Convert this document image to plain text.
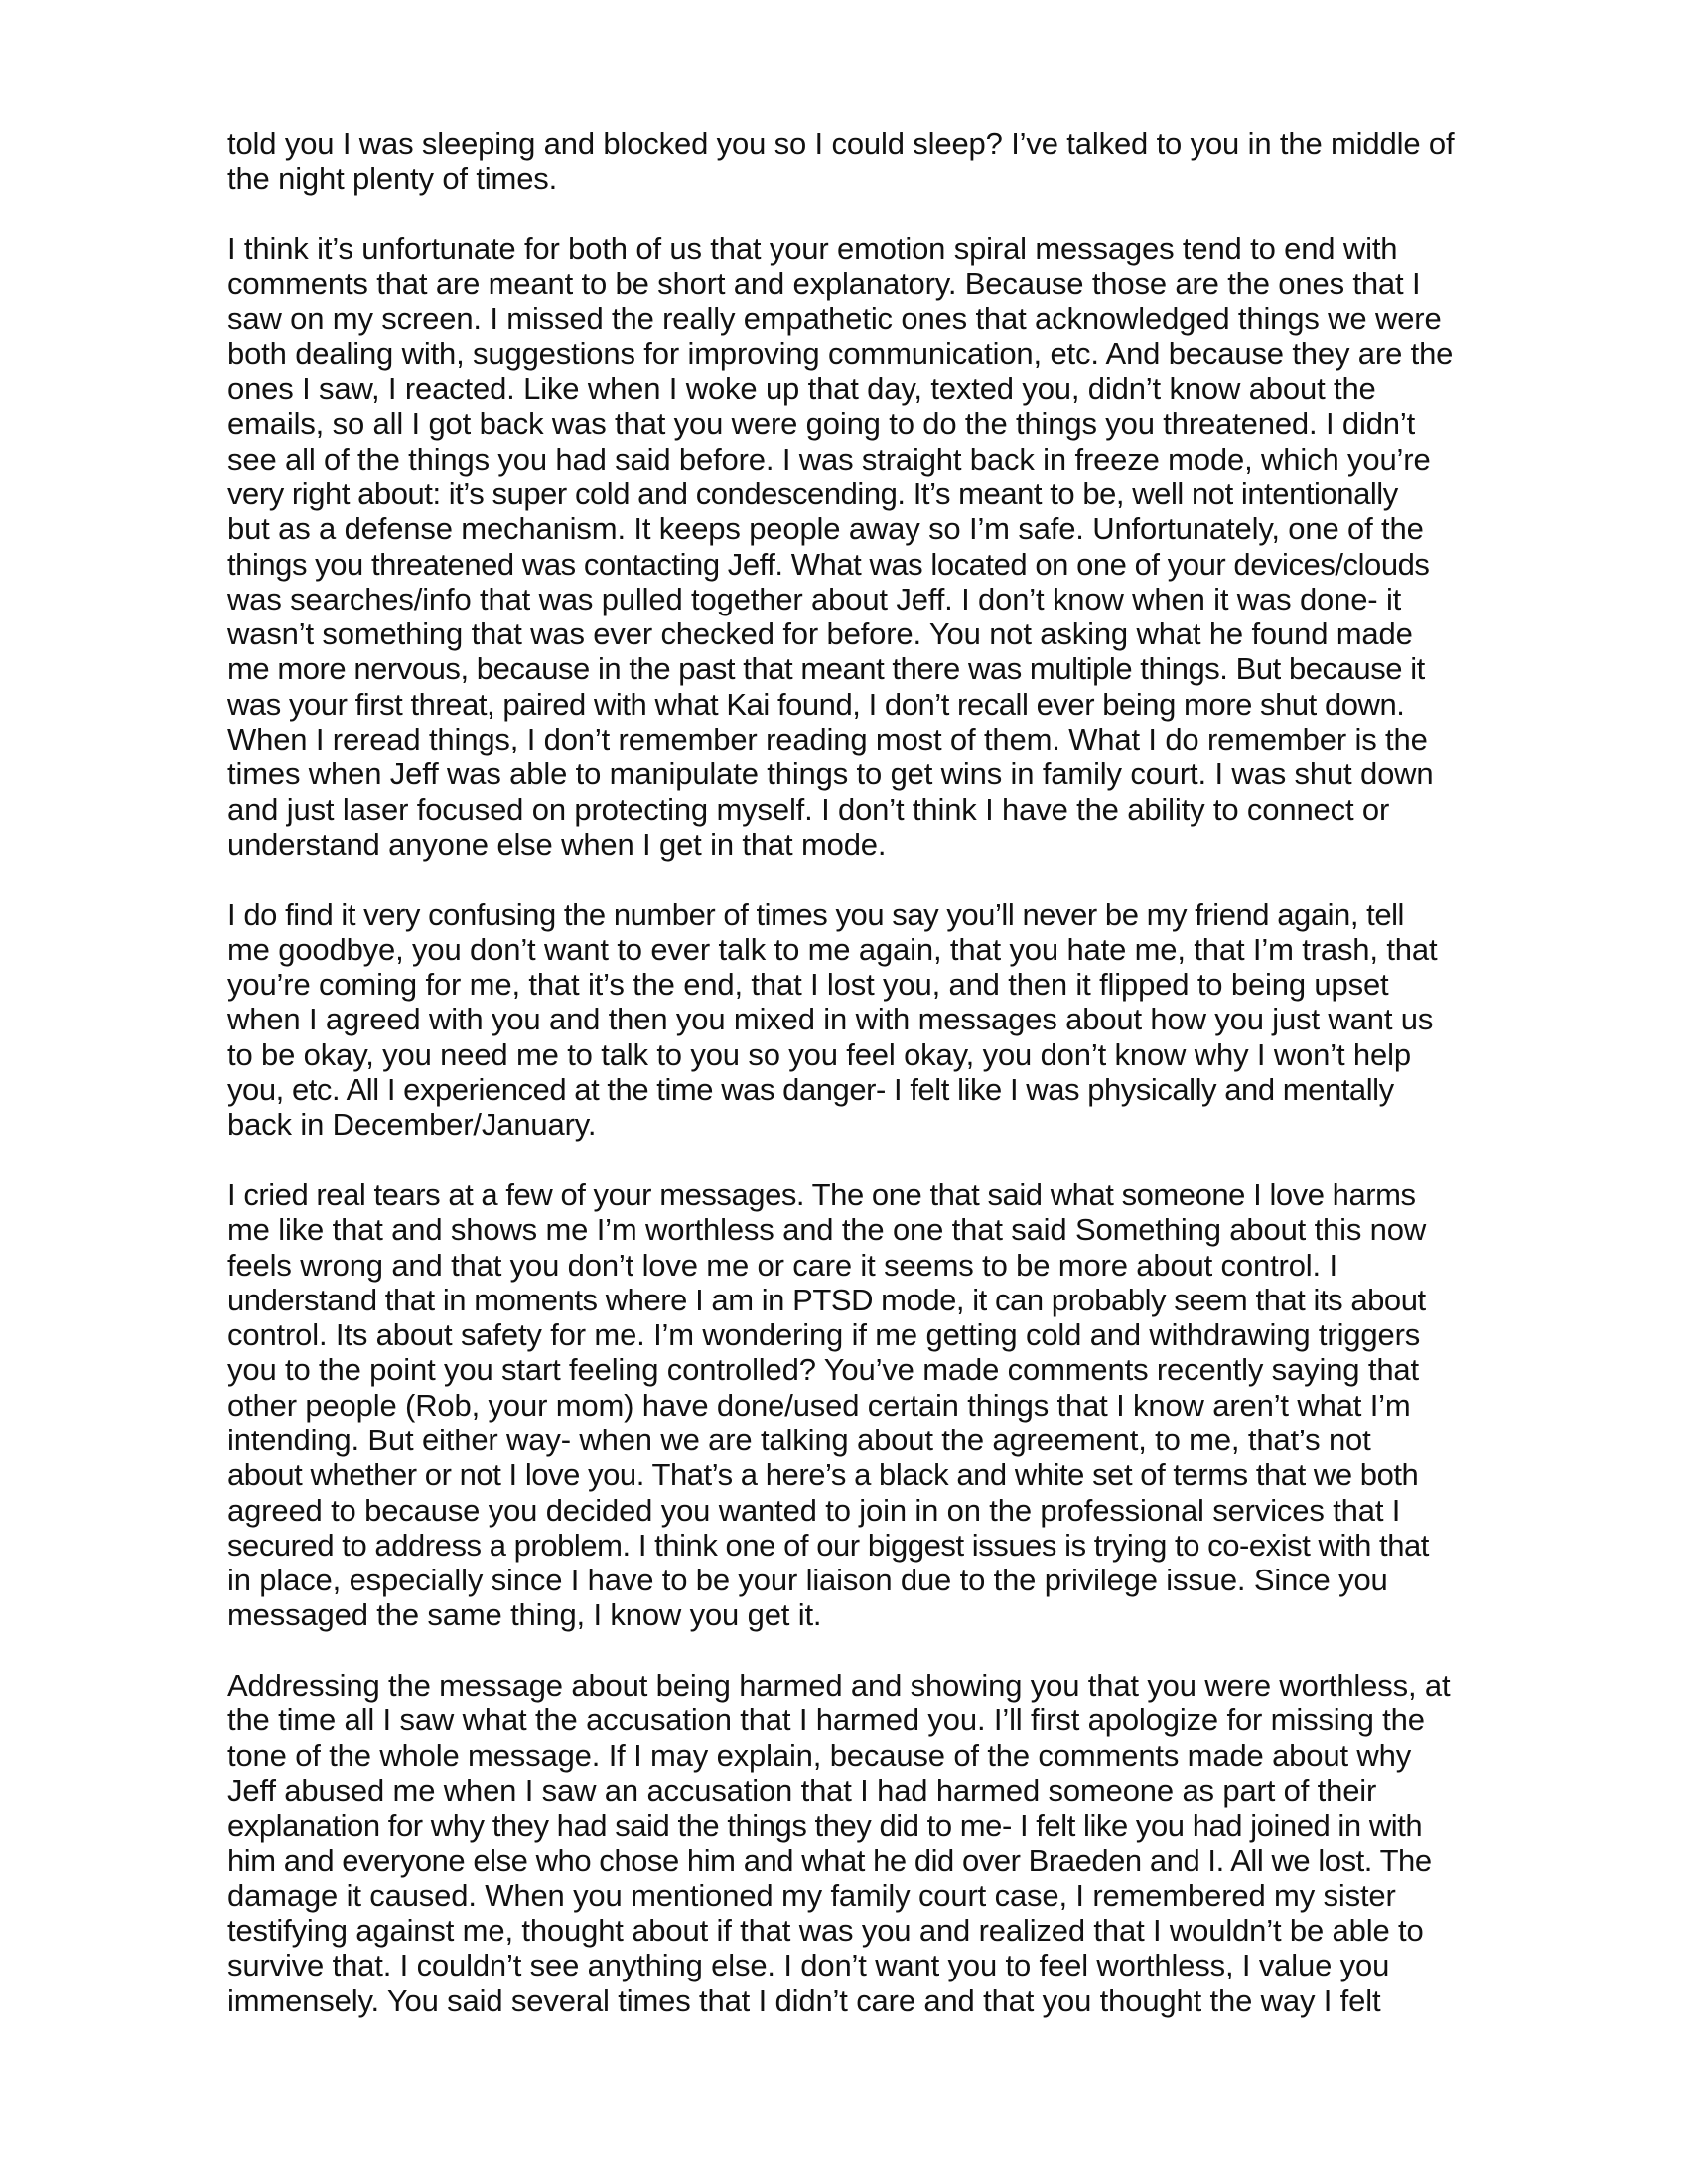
told you I was sleeping and blocked you so I could sleep? I’ve talked to you in the middle of
the night plenty of times.
I think it’s unfortunate for both of us that your emotion spiral messages tend to end with
comments that are meant to be short and explanatory. Because those are the ones that I
saw on my screen. I missed the really empathetic ones that acknowledged things we were
both dealing with, suggestions for improving communication, etc. And because they are the
ones I saw, I reacted. Like when I woke up that day, texted you, didn’t know about the
emails, so all I got back was that you were going to do the things you threatened. I didn’t
see all of the things you had said before. I was straight back in freeze mode, which you’re
very right about: it’s super cold and condescending. It’s meant to be, well not intentionally
but as a defense mechanism. It keeps people away so I’m safe. Unfortunately, one of the
things you threatened was contacting Jeff. What was located on one of your devices/clouds
was searches/info that was pulled together about Jeff. I don’t know when it was done- it
wasn’t something that was ever checked for before. You not asking what he found made
me more nervous, because in the past that meant there was multiple things. But because it
was your first threat, paired with what Kai found, I don’t recall ever being more shut down.
When I reread things, I don’t remember reading most of them. What I do remember is the
times when Jeff was able to manipulate things to get wins in family court. I was shut down
and just laser focused on protecting myself. I don’t think I have the ability to connect or
understand anyone else when I get in that mode.
I do find it very confusing the number of times you say you’ll never be my friend again, tell
me goodbye, you don’t want to ever talk to me again, that you hate me, that I’m trash, that
you’re coming for me, that it’s the end, that I lost you, and then it flipped to being upset
when I agreed with you and then you mixed in with messages about how you just want us
to be okay, you need me to talk to you so you feel okay, you don’t know why I won’t help
you, etc. All I experienced at the time was danger- I felt like I was physically and mentally
back in December/January.
I cried real tears at a few of your messages. The one that said what someone I love harms
me like that and shows me I’m worthless and the one that said Something about this now
feels wrong and that you don’t love me or care it seems to be more about control. I
understand that in moments where I am in PTSD mode, it can probably seem that its about
control. Its about safety for me. I’m wondering if me getting cold and withdrawing triggers
you to the point you start feeling controlled? You’ve made comments recently saying that
other people (Rob, your mom) have done/used certain things that I know aren’t what I’m
intending. But either way- when we are talking about the agreement, to me, that’s not
about whether or not I love you. That’s a here’s a black and white set of terms that we both
agreed to because you decided you wanted to join in on the professional services that I
secured to address a problem. I think one of our biggest issues is trying to co-exist with that
in place, especially since I have to be your liaison due to the privilege issue. Since you
messaged the same thing, I know you get it.
Addressing the message about being harmed and showing you that you were worthless, at
the time all I saw what the accusation that I harmed you. I’ll first apologize for missing the
tone of the whole message. If I may explain, because of the comments made about why
Jeff abused me when I saw an accusation that I had harmed someone as part of their
explanation for why they had said the things they did to me- I felt like you had joined in with
him and everyone else who chose him and what he did over Braeden and I. All we lost. The
damage it caused. When you mentioned my family court case, I remembered my sister
testifying against me, thought about if that was you and realized that I wouldn’t be able to
survive that. I couldn’t see anything else. I don’t want you to feel worthless, I value you
immensely. You said several times that I didn’t care and that you thought the way I felt
